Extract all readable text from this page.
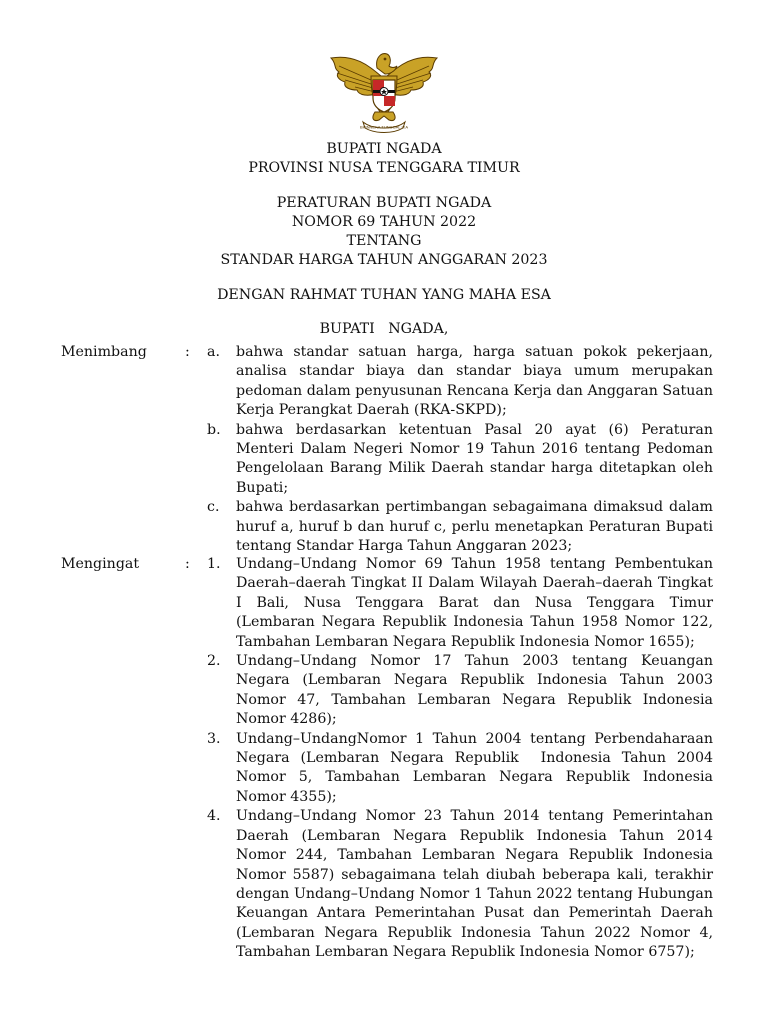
BHINNEKA TUNGGAL IKA
BUPATI NGADA
PROVINSI NUSA TENGGARA TIMUR
PERATURAN BUPATI NGADA
NOMOR 69 TAHUN 2022
TENTANG
STANDAR HARGA TAHUN ANGGARAN 2023
DENGAN RAHMAT TUHAN YANG MAHA ESA
BUPATI   NGADA,
Menimbang	:	a.	bahwa standar satuan harga, harga satuan pokok pekerjaan, analisa standar biaya dan standar biaya umum merupakan pedoman dalam penyusunan Rencana Kerja dan Anggaran Satuan Kerja Perangkat Daerah (RKA-SKPD);
b.	bahwa berdasarkan ketentuan Pasal 20 ayat (6) Peraturan Menteri Dalam Negeri Nomor 19 Tahun 2016 tentang Pedoman Pengelolaan Barang Milik Daerah standar harga ditetapkan oleh Bupati;
c.	bahwa berdasarkan pertimbangan sebagaimana dimaksud dalam huruf a, huruf b dan huruf c, perlu menetapkan Peraturan Bupati tentang Standar Harga Tahun Anggaran 2023;
Mengingat	:	1.	Undang–Undang Nomor 69 Tahun 1958 tentang Pembentukan Daerah–daerah Tingkat II Dalam Wilayah Daerah–daerah Tingkat I Bali, Nusa Tenggara Barat dan Nusa Tenggara Timur (Lembaran Negara Republik Indonesia Tahun 1958 Nomor 122, Tambahan Lembaran Negara Republik Indonesia Nomor 1655);
2.	Undang–Undang Nomor 17 Tahun 2003 tentang Keuangan Negara (Lembaran Negara Republik Indonesia Tahun 2003 Nomor 47, Tambahan Lembaran Negara Republik Indonesia Nomor 4286);
3.	Undang–UndangNomor 1 Tahun 2004 tentang Perbendaharaan Negara (Lembaran Negara Republik  Indonesia Tahun 2004 Nomor 5, Tambahan Lembaran Negara Republik Indonesia Nomor 4355);
4.	Undang–Undang Nomor 23 Tahun 2014 tentang Pemerintahan Daerah (Lembaran Negara Republik Indonesia Tahun 2014 Nomor 244, Tambahan Lembaran Negara Republik Indonesia Nomor 5587) sebagaimana telah diubah beberapa kali, terakhir dengan Undang–Undang Nomor 1 Tahun 2022 tentang Hubungan Keuangan Antara Pemerintahan Pusat dan Pemerintah Daerah (Lembaran Negara Republik Indonesia Tahun 2022 Nomor 4, Tambahan Lembaran Negara Republik Indonesia Nomor 6757);
